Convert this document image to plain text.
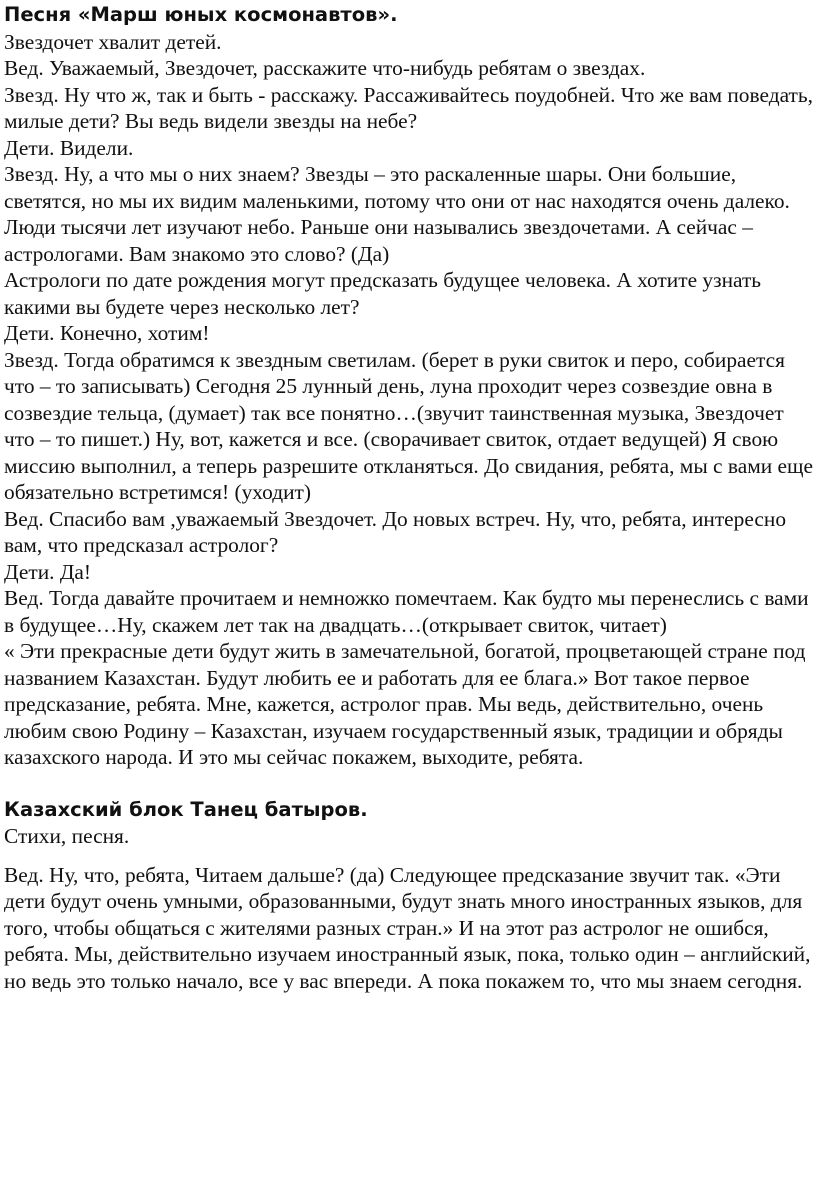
Песня «Марш юных космонавтов».

Звездочет хвалит детей.

Вед. Уважаемый, Звездочет, расскажите что-нибудь ребятам о звездах.

Звезд. Ну что ж, так и быть - расскажу. Рассаживайтесь поудобней. Что же вам поведать, милые дети? Вы ведь видели звезды на небе?

Дети. Видели.

Звезд. Ну, а что мы о них знаем? Звезды – это раскаленные шары. Они большие, светятся, но мы их видим маленькими, потому что они от нас находятся очень далеко.

Люди тысячи лет изучают небо. Раньше они назывались звездочетами. А сейчас – астрологами. Вам знакомо это слово? (Да)

Астрологи по дате рождения могут предсказать будущее человека. А хотите узнать какими вы будете через несколько лет?

Дети. Конечно, хотим!

Звезд. Тогда обратимся к звездным светилам. (берет в руки свиток и перо, собирается что – то записывать) Сегодня 25 лунный день, луна проходит через созвездие овна в созвездие тельца, (думает) так все понятно…(звучит таинственная музыка, Звездочет что – то пишет.) Ну, вот, кажется и все. (сворачивает свиток, отдает ведущей) Я свою миссию выполнил, а теперь разрешите откланяться. До свидания, ребята, мы с вами еще обязательно встретимся! (уходит)

Вед. Спасибо вам ,уважаемый Звездочет. До новых встреч. Ну, что, ребята, интересно вам, что предсказал астролог?

Дети. Да!

Вед. Тогда давайте прочитаем и немножко помечтаем. Как будто мы перенеслись с вами в будущее…Ну, скажем лет так на двадцать…(открывает свиток, читает)

« Эти прекрасные дети будут жить в замечательной, богатой, процветающей стране под названием Казахстан. Будут любить ее и работать для ее блага.» Вот такое первое предсказание, ребята. Мне, кажется, астролог прав. Мы ведь, действительно, очень любим свою Родину – Казахстан, изучаем государственный язык, традиции и обряды казахского народа. И это мы сейчас покажем, выходите, ребята.

Казахский блок Танец батыров.

Стихи, песня.

Вед. Ну, что, ребята, Читаем дальше? (да) Следующее предсказание звучит так. «Эти дети будут очень умными, образованными, будут знать много иностранных языков, для того, чтобы общаться с жителями разных стран.» И на этот раз астролог не ошибся, ребята. Мы, действительно изучаем иностранный язык, пока, только один – английский, но ведь это только начало, все у вас впереди. А пока покажем то, что мы знаем сегодня.
